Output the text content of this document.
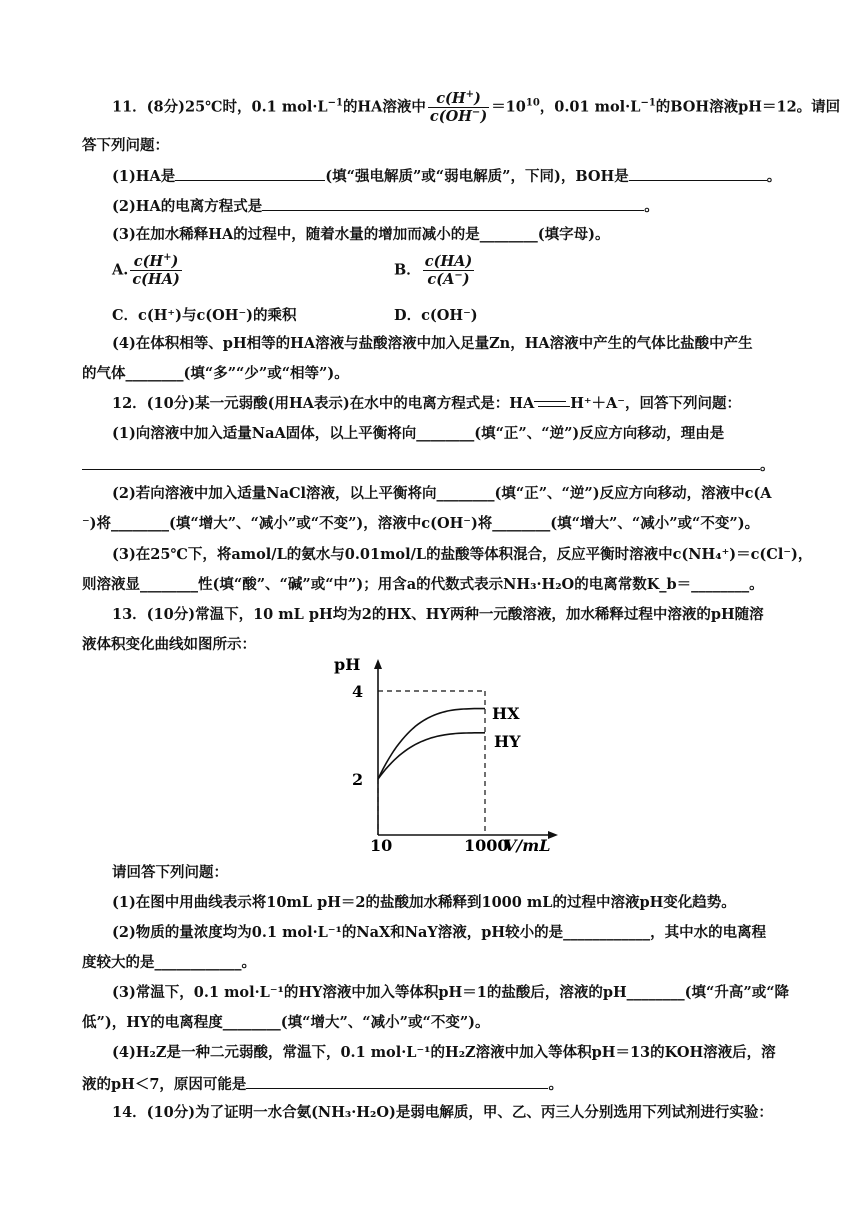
11．(8分)25℃时，0.1 $mol\cdot L^{-1}$的HA溶液中 $\frac{c(H^+)}{c(OH^-)} =10^{10}$，0.01 $mol\cdot L^{-1}$的BOH溶液pH＝12。请回
答下列问题：
(1)HA是	(填“强电解质”或“弱电解质”，下同)，BOH是	。
(2)HA的电离方程式是	。
(3)在加水稀释HA的过程中，随着水量的增加而减小的是________(填字母)。
A. $\frac{c(H^+)}{c(HA)}$	B． $\frac{c(HA)}{c(A^-)}$
C．c(H⁺)与c(OH⁻)的乘积	D．c(OH⁻)
(4)在体积相等、pH相等的HA溶液与盐酸溶液中加入足量Zn，HA溶液中产生的气体比盐酸中产生
的气体________(填“多”“少”或“相等”)。
12．(10分)某一元弱酸(用HA表示)在水中的电离方程式是：HA H⁺＋A⁻，回答下列问题：
(1)向溶液中加入适量NaA固体，以上平衡将向________(填“正”、“逆”)反应方向移动，理由是
。
(2)若向溶液中加入适量NaCl溶液，以上平衡将向________(填“正”、“逆”)反应方向移动，溶液中c(A
⁻)将________(填“增大”、“减小”或“不变”)，溶液中c(OH⁻)将________(填“增大”、“减小”或“不变”)。
(3)在25℃下，将amol/L的氨水与0.01mol/L的盐酸等体积混合，反应平衡时溶液中c(NH₄⁺)＝c(Cl⁻)，
则溶液显________性(填“酸”、“碱”或“中”)；用含a的代数式表示NH₃·H₂O的电离常数K_b＝________。
13．(10分)常温下，10 mL pH均为2的HX、HY两种一元酸溶液，加水稀释过程中溶液的pH随溶
液体积变化曲线如图所示：
pH
4
2
10	1000
V/mL
HX
HY
请回答下列问题：
(1)在图中用曲线表示将10mL pH＝2的盐酸加水稀释到1000 mL的过程中溶液pH变化趋势。
(2)物质的量浓度均为0.1 mol·L⁻¹的NaX和NaY溶液，pH较小的是____________，其中水的电离程
度较大的是____________。
(3)常温下，0.1 mol·L⁻¹的HY溶液中加入等体积pH＝1的盐酸后，溶液的pH________(填“升高”或“降
低”)，HY的电离程度________(填“增大”、“减小”或“不变”)。
(4)H₂Z是一种二元弱酸，常温下，0.1 mol·L⁻¹的H₂Z溶液中加入等体积pH＝13的KOH溶液后，溶
液的pH＜7，原因可能是	。
14．(10分)为了证明一水合氨(NH₃·H₂O)是弱电解质，甲、乙、丙三人分别选用下列试剂进行实验：
